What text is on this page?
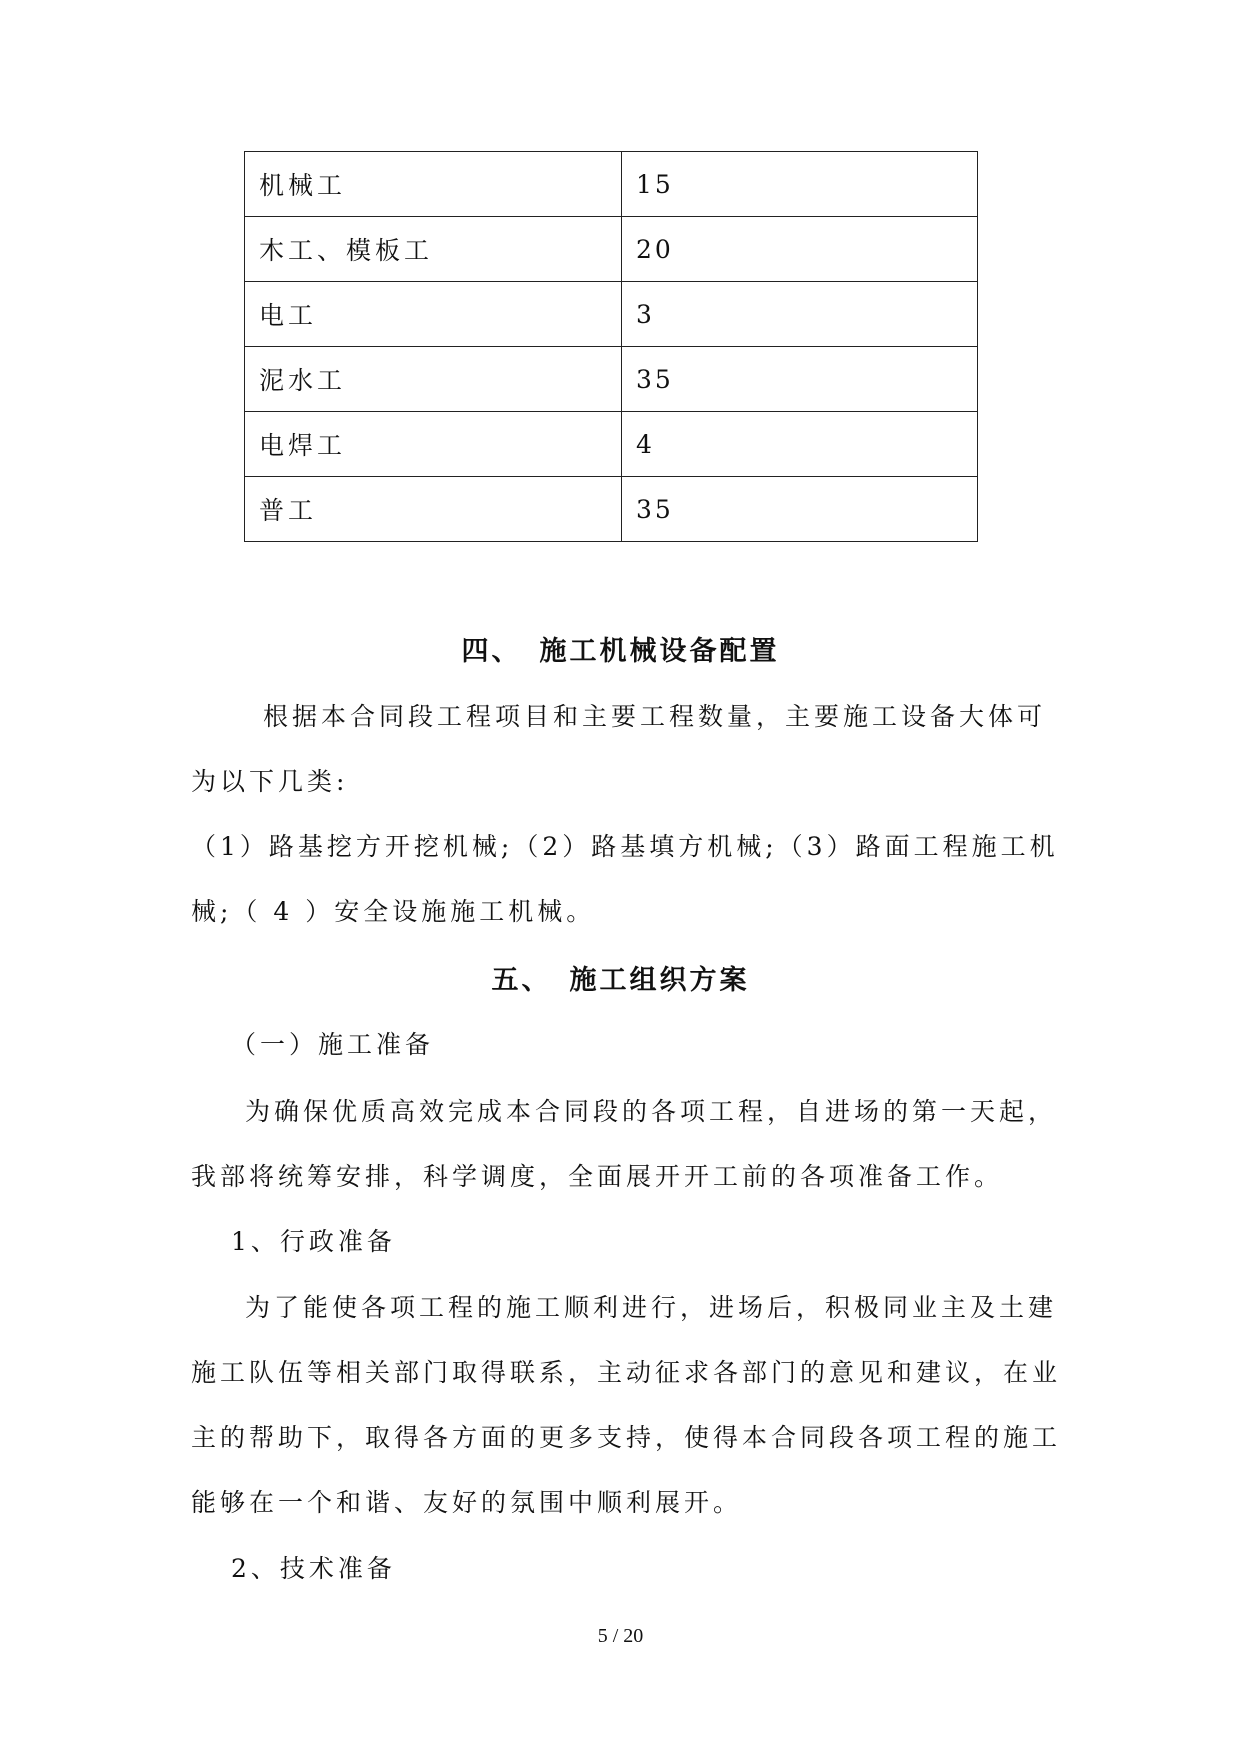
机械工	15
木工、模板工	20
电工	3
泥水工	35
电焊工	4
普工	35
四、 施工机械设备配置
根据本合同段工程项目和主要工程数量，主要施工设备大体可
为以下几类:
（1）路基挖方开挖机械;（2）路基填方机械;（3）路面工程施工机
械;（ 4 ）安全设施施工机械。
五、 施工组织方案
（一）施工准备
为确保优质高效完成本合同段的各项工程，自进场的第一天起，
我部将统筹安排，科学调度，全面展开开工前的各项准备工作。
1、行政准备
为了能使各项工程的施工顺利进行，进场后，积极同业主及土建
施工队伍等相关部门取得联系，主动征求各部门的意见和建议，在业
主的帮助下，取得各方面的更多支持，使得本合同段各项工程的施工
能够在一个和谐、友好的氛围中顺利展开。
2、技术准备
5 / 20
